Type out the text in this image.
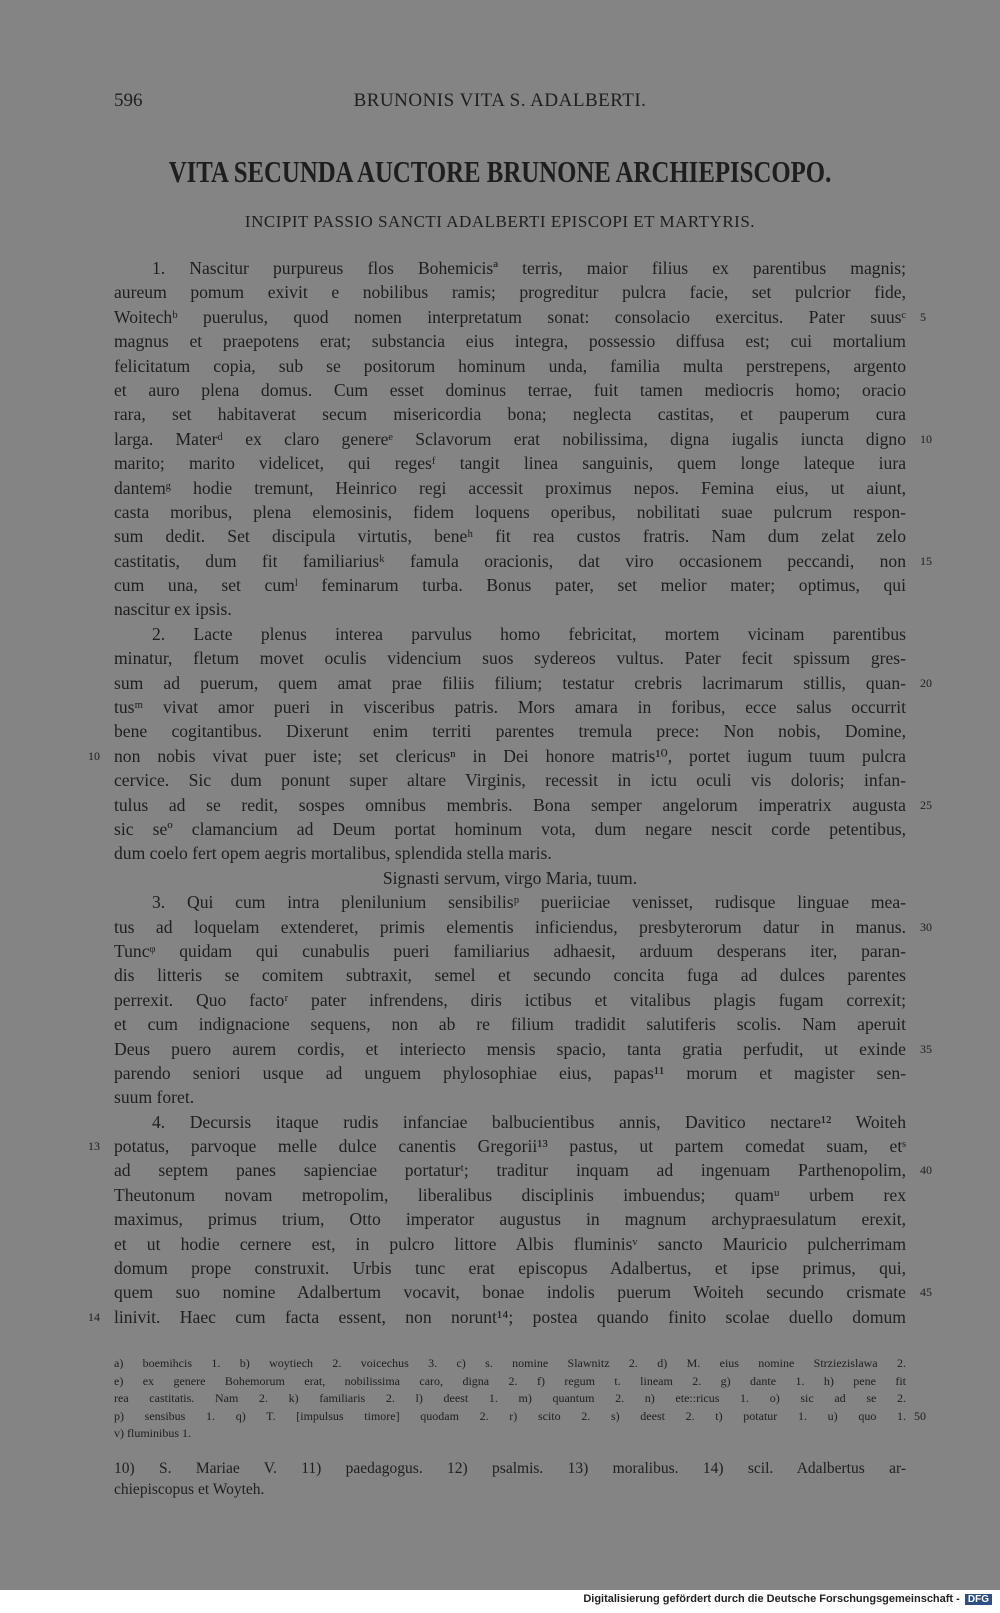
596	BRUNONIS VITA S. ADALBERTI.
VITA SECUNDA AUCTORE BRUNONE ARCHIEPISCOPO.
INCIPIT PASSIO SANCTI ADALBERTI EPISCOPI ET MARTYRIS.
1. Nascitur purpureus flos Bohemicisª terris, maior filius ex parentibus magnis;
aureum pomum exivit e nobilibus ramis; progreditur pulcra facie, set pulcrior fide,
Woitechᵇ puerulus, quod nomen interpretatum sonat: consolacio exercitus. Pater suusᶜ 5
magnus et praepotens erat; substancia eius integra, possessio diffusa est; cui mortalium
felicitatum copia, sub se positorum hominum unda, familia multa perstrepens, argento
et auro plena domus. Cum esset dominus terrae, fuit tamen mediocris homo; oracio
rara, set habitaverat secum misericordia bona; neglecta castitas, et pauperum cura
larga. Materᵈ ex claro genereᵉ Sclavorum erat nobilissima, digna iugalis iuncta digno 10
marito; marito videlicet, qui regesᶠ tangit linea sanguinis, quem longe lateque iura
dantemᵍ hodie tremunt, Heinrico regi accessit proximus nepos. Femina eius, ut aiunt,
casta moribus, plena elemosinis, fidem loquens operibus, nobilitati suae pulcrum respon-
sum dedit. Set discipula virtutis, beneʰ fit rea custos fratris. Nam dum zelat zelo
castitatis, dum fit familiariusᵏ famula oracionis, dat viro occasionem peccandi, non 15
cum una, set cumˡ feminarum turba. Bonus pater, set melior mater; optimus, qui
nascitur ex ipsis.
2. Lacte plenus interea parvulus homo febricitat, mortem vicinam parentibus
minatur, fletum movet oculis videncium suos sydereos vultus. Pater fecit spissum gres-
sum ad puerum, quem amat prae filiis filium; testatur crebris lacrimarum stillis, quan- 20
tusᵐ vivat amor pueri in visceribus patris. Mors amara in foribus, ecce salus occurrit
bene cogitantibus. Dixerunt enim territi parentes tremula prece: Non nobis, Domine,
non nobis vivat puer iste; set clericusⁿ in Dei honore matris¹⁰, portet iugum tuum pulcra
10
cervice. Sic dum ponunt super altare Virginis, recessit in ictu oculi vis doloris; infan-
tulus ad se redit, sospes omnibus membris. Bona semper angelorum imperatrix augusta 25
sic seº clamancium ad Deum portat hominum vota, dum negare nescit corde petentibus,
dum coelo fert opem aegris mortalibus, splendida stella maris.
Signasti servum, virgo Maria, tuum.
3. Qui cum intra plenilunium sensibilisᵖ pueriiciae venisset, rudisque linguae mea-
tus ad loquelam extenderet, primis elementis inficiendus, presbyterorum datur in manus. 30
Tuncᵠ quidam qui cunabulis pueri familiarius adhaesit, arduum desperans iter, paran-
dis litteris se comitem subtraxit, semel et secundo concita fuga ad dulces parentes
perrexit. Quo factoʳ pater infrendens, diris ictibus et vitalibus plagis fugam correxit;
et cum indignacione sequens, non ab re filium tradidit salutiferis scolis. Nam aperuit
Deus puero aurem cordis, et interiecto mensis spacio, tanta gratia perfudit, ut exinde 35
parendo seniori usque ad unguem phylosophiae eius, papas¹¹ morum et magister sen-
suum foret.
4. Decursis itaque rudis infanciae balbucientibus annis, Davitico nectare¹² Woiteh
potatus, parvoque melle dulce canentis Gregorii¹³ pastus, ut partem comedat suam, etˢ
13
ad septem panes sapienciae portaturᵗ; traditur inquam ad ingenuam Parthenopolim, 40
Theutonum novam metropolim, liberalibus disciplinis imbuendus; quamᵘ urbem rex
maximus, primus trium, Otto imperator augustus in magnum archypraesulatum erexit,
et ut hodie cernere est, in pulcro littore Albis fluminisᵛ sancto Mauricio pulcherrimam
domum prope construxit. Urbis tunc erat episcopus Adalbertus, et ipse primus, qui,
quem suo nomine Adalbertum vocavit, bonae indolis puerum Woiteh secundo crismate 45
linivit. Haec cum facta essent, non norunt¹⁴; postea quando finito scolae duello domum
14
a) boemihcis 1. b) woytiech 2. voicechus 3. c) s. nomine Slawnitz 2. d) M. eius nomine Strziezislawa 2.
e) ex genere Bohemorum erat, nobilissima caro, digna 2. f) regum t. lineam 2. g) dante 1. h) pene fit
rea castitatis. Nam 2. k) familiaris 2. l) deest 1. m) quantum 2. n) ete::ricus 1. o) sic ad se 2.
p) sensibus 1. q) T. [impulsus timore] quodam 2. r) scito 2. s) deest 2. t) potatur 1. u) quo 1. 50
v) fluminibus 1.
10) S. Mariae V. 11) paedagogus. 12) psalmis. 13) moralibus. 14) scil. Adalbertus ar-
chiepiscopus et Woyteh.
Digitalisierung gefördert durch die Deutsche Forschungsgemeinschaft - DFG
